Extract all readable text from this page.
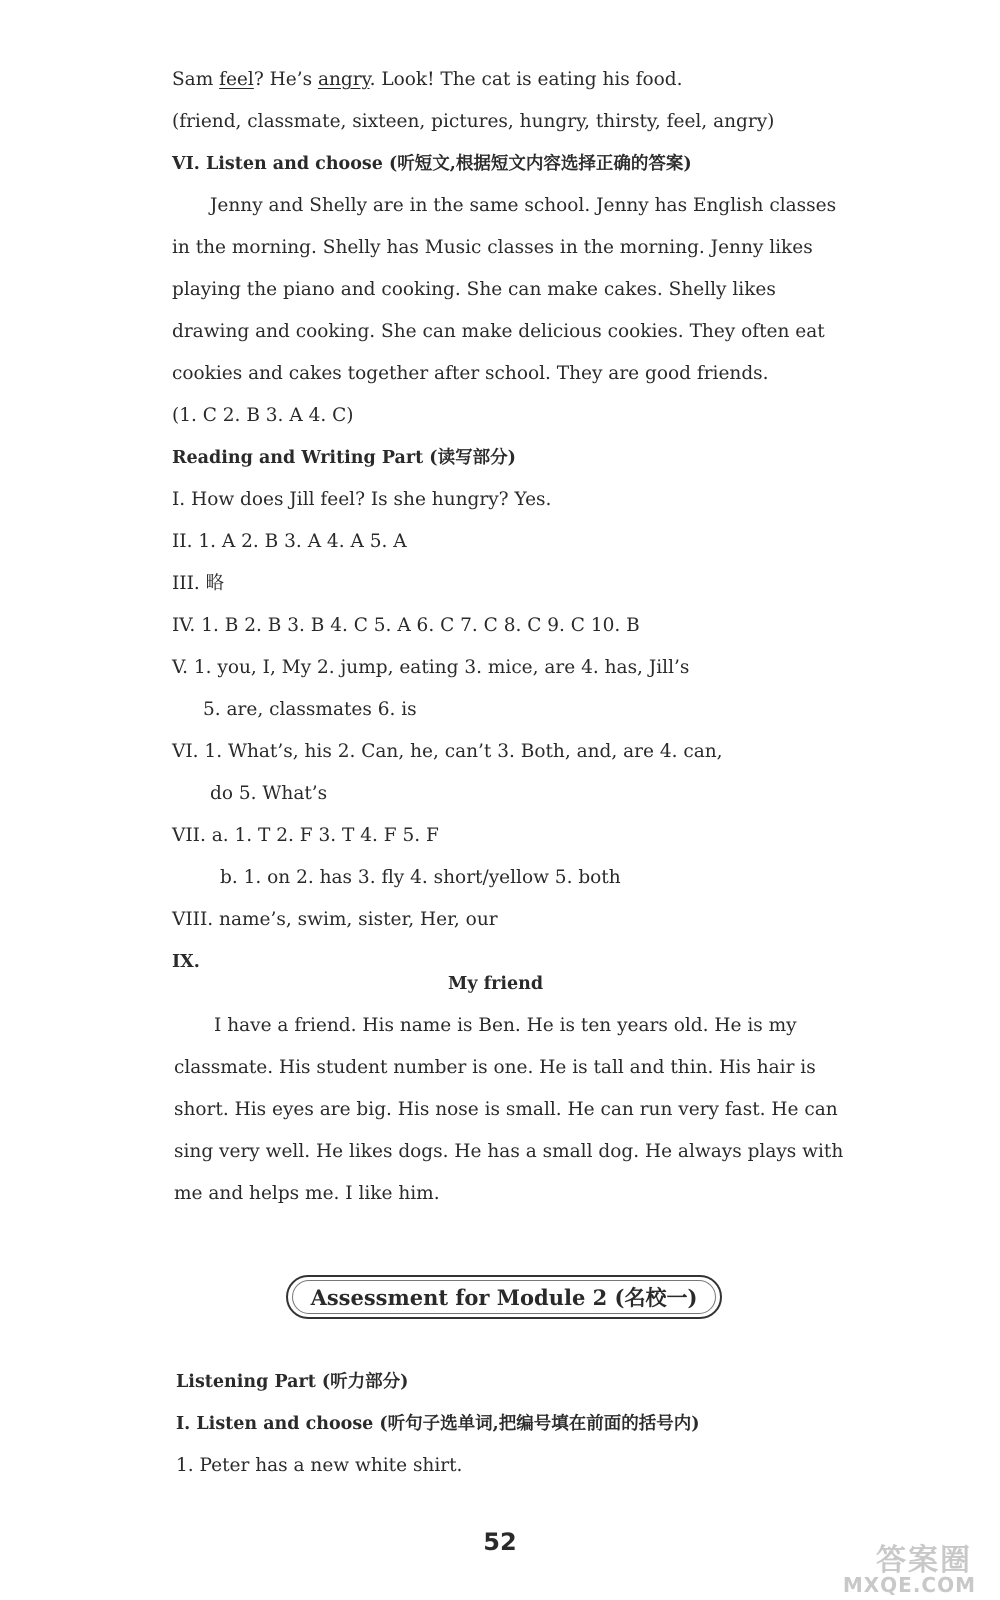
Sam feel? He’s angry. Look! The cat is eating his food.
(friend, classmate, sixteen, pictures, hungry, thirsty, feel, angry)
VI. Listen and choose (听短文,根据短文内容选择正确的答案)
Jenny and Shelly are in the same school. Jenny has English classes
in the morning. Shelly has Music classes in the morning. Jenny likes
playing the piano and cooking. She can make cakes. Shelly likes
drawing and cooking. She can make delicious cookies. They often eat
cookies and cakes together after school. They are good friends.
(1. C 2. B 3. A 4. C)
Reading and Writing Part (读写部分)
I. How does Jill feel? Is she hungry? Yes.
II. 1. A 2. B 3. A 4. A 5. A
III. 略
IV. 1. B 2. B 3. B 4. C 5. A 6. C 7. C 8. C 9. C 10. B
V. 1. you, I, My 2. jump, eating 3. mice, are 4. has, Jill’s
5. are, classmates 6. is
VI. 1. What’s, his 2. Can, he, can’t 3. Both, and, are 4. can,
do 5. What’s
VII. a. 1. T 2. F 3. T 4. F 5. F
b. 1. on 2. has 3. fly 4. short/yellow 5. both
VIII. name’s, swim, sister, Her, our
IX.
My friend
I have a friend. His name is Ben. He is ten years old. He is my
classmate. His student number is one. He is tall and thin. His hair is
short. His eyes are big. His nose is small. He can run very fast. He can
sing very well. He likes dogs. He has a small dog. He always plays with
me and helps me. I like him.
Assessment for Module 2 (名校一)
Listening Part (听力部分)
I. Listen and choose (听句子选单词,把编号填在前面的括号内)
1. Peter has a new white shirt.
52
答案圈
MXQE.COM
